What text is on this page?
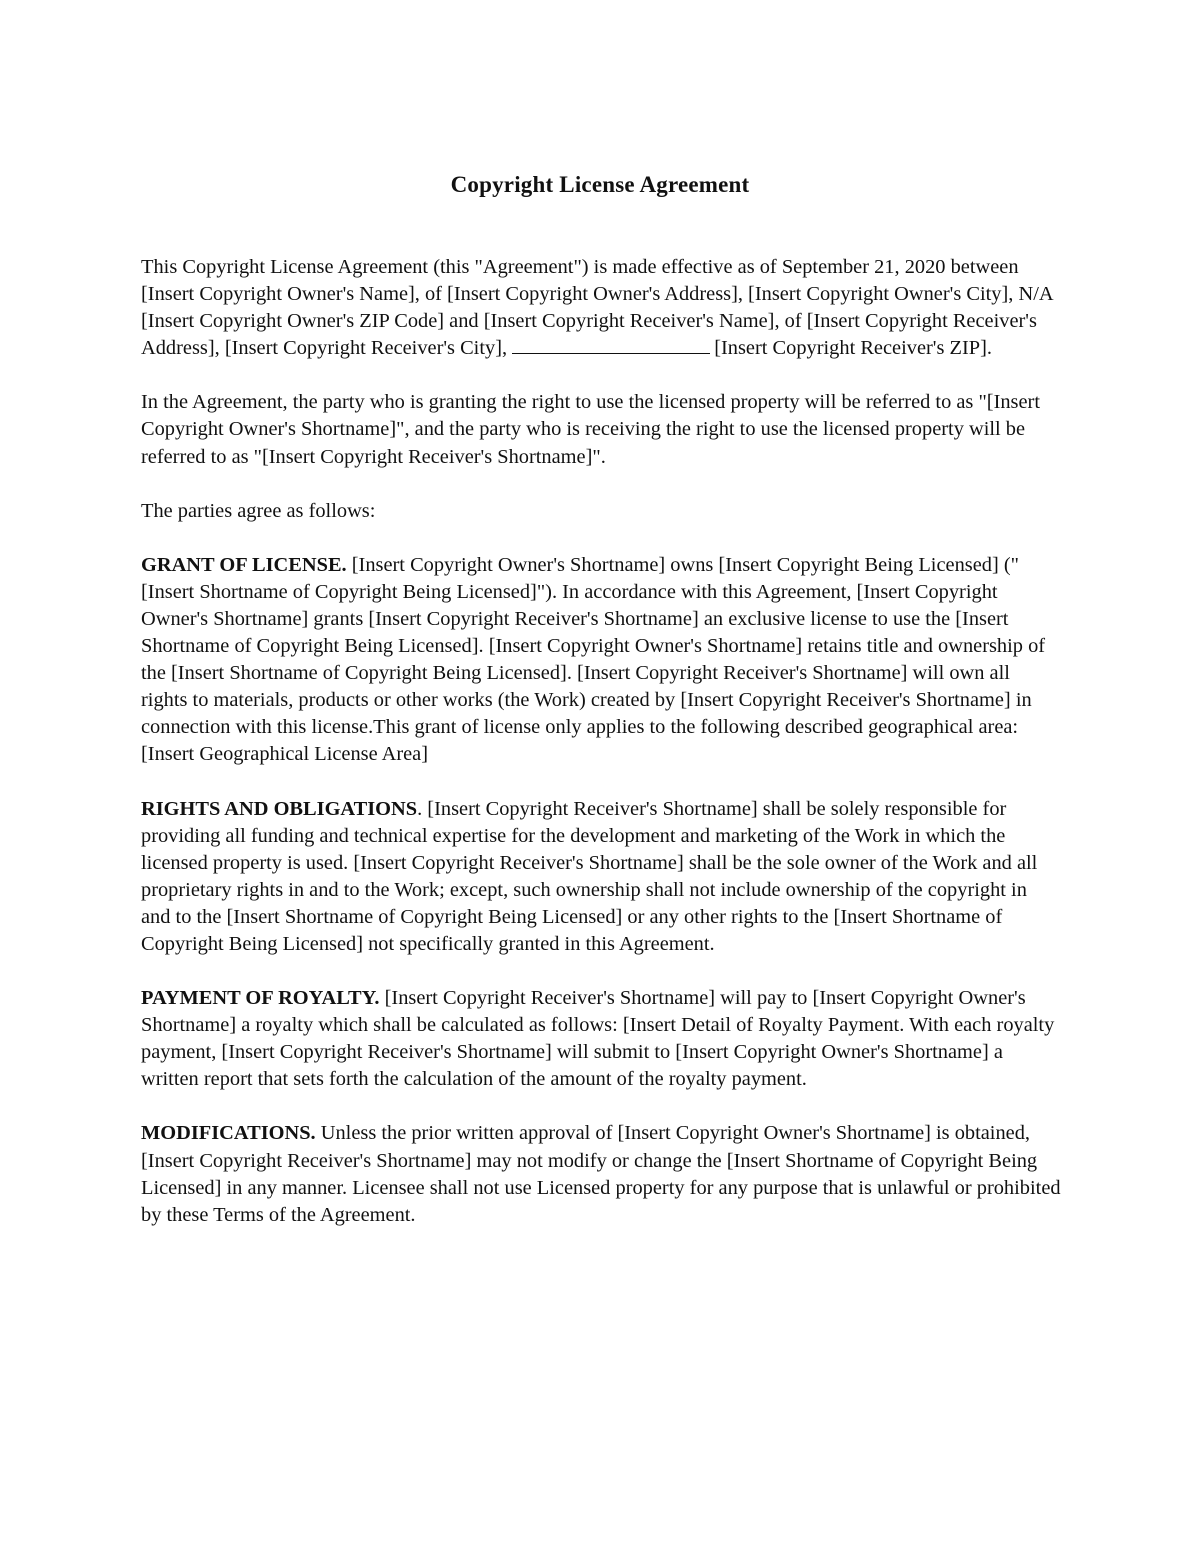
Copyright License Agreement

This Copyright License Agreement (this "Agreement") is made effective as of September 21, 2020 between [Insert Copyright Owner's Name], of [Insert Copyright Owner's Address], [Insert Copyright Owner's City], N/A [Insert Copyright Owner's ZIP Code] and [Insert Copyright Receiver's Name], of [Insert Copyright Receiver's Address], [Insert Copyright Receiver's City],	[Insert Copyright Receiver's ZIP].

In the Agreement, the party who is granting the right to use the licensed property will be referred to as "[Insert Copyright Owner's Shortname]", and the party who is receiving the right to use the licensed property will be referred to as "[Insert Copyright Receiver's Shortname]".

The parties agree as follows:

GRANT OF LICENSE. [Insert Copyright Owner's Shortname] owns [Insert Copyright Being Licensed] ("[Insert Shortname of Copyright Being Licensed]"). In accordance with this Agreement, [Insert Copyright Owner's Shortname] grants [Insert Copyright Receiver's Shortname] an exclusive license to use the [Insert Shortname of Copyright Being Licensed]. [Insert Copyright Owner's Shortname] retains title and ownership of the [Insert Shortname of Copyright Being Licensed]. [Insert Copyright Receiver's Shortname] will own all rights to materials, products or other works (the Work) created by [Insert Copyright Receiver's Shortname] in connection with this license.This grant of license only applies to the following described geographical area: [Insert Geographical License Area]

RIGHTS AND OBLIGATIONS. [Insert Copyright Receiver's Shortname] shall be solely responsible for providing all funding and technical expertise for the development and marketing of the Work in which the licensed property is used. [Insert Copyright Receiver's Shortname] shall be the sole owner of the Work and all proprietary rights in and to the Work; except, such ownership shall not include ownership of the copyright in and to the [Insert Shortname of Copyright Being Licensed] or any other rights to the [Insert Shortname of Copyright Being Licensed] not specifically granted in this Agreement.

PAYMENT OF ROYALTY. [Insert Copyright Receiver's Shortname] will pay to [Insert Copyright Owner's Shortname] a royalty which shall be calculated as follows: [Insert Detail of Royalty Payment. With each royalty payment, [Insert Copyright Receiver's Shortname] will submit to [Insert Copyright Owner's Shortname] a written report that sets forth the calculation of the amount of the royalty payment.

MODIFICATIONS. Unless the prior written approval of [Insert Copyright Owner's Shortname] is obtained, [Insert Copyright Receiver's Shortname] may not modify or change the [Insert Shortname of Copyright Being Licensed] in any manner. Licensee shall not use Licensed property for any purpose that is unlawful or prohibited by these Terms of the Agreement.
